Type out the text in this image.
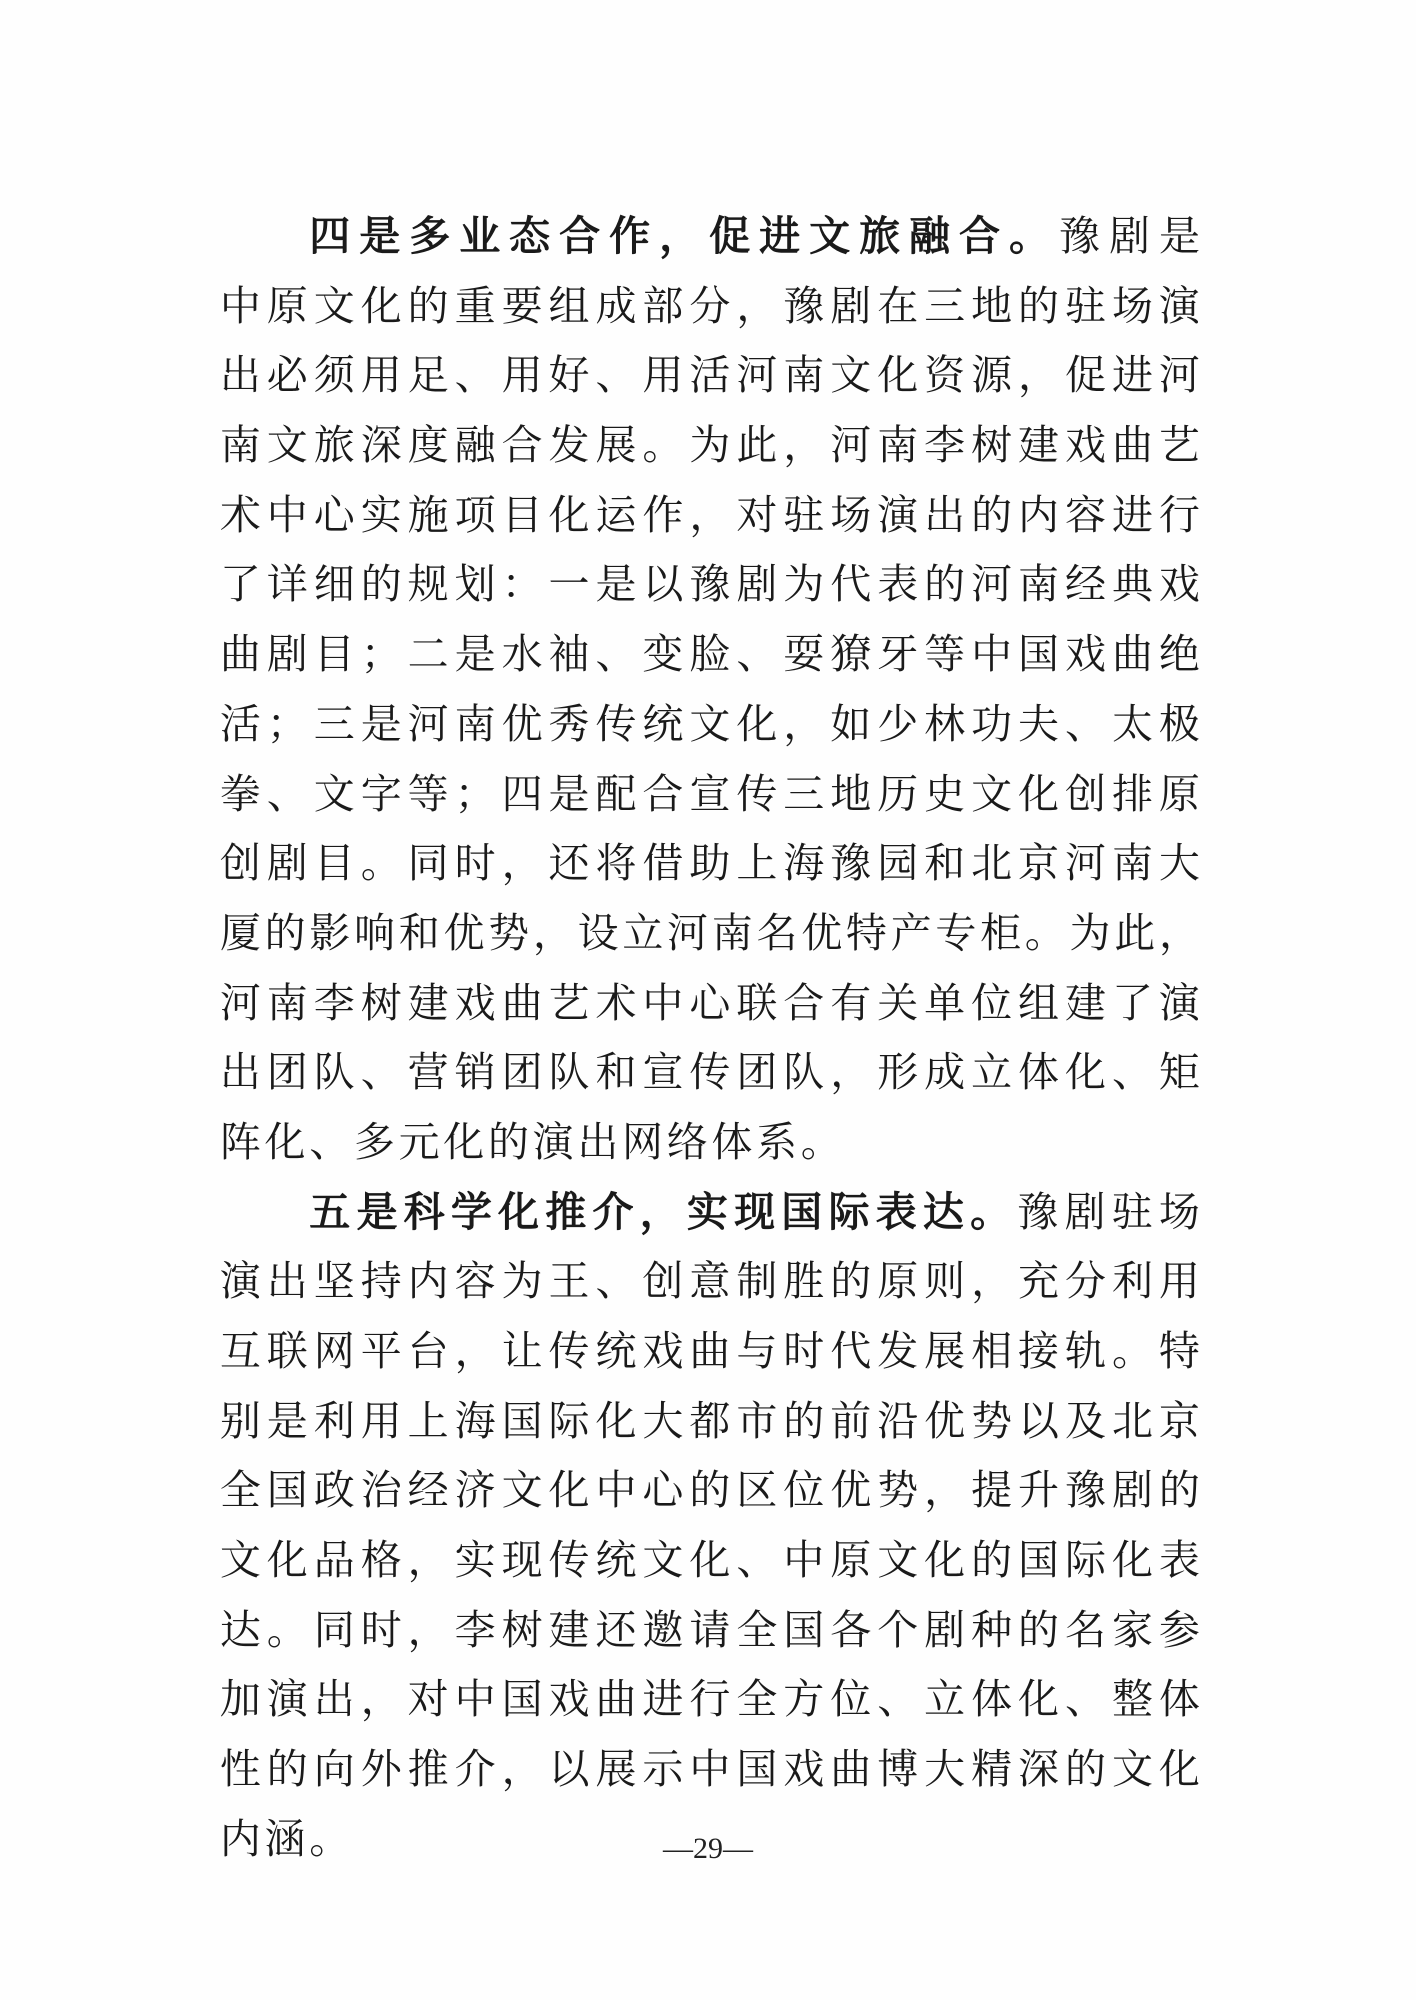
四 是 多 业 态 合 作 ， 促 进 文 旅 融 合 。 豫 剧 是
中 原 文 化 的 重 要 组 成 部 分 ， 豫 剧 在 三 地 的 驻 场 演
出 必 须 用 足 、 用 好 、 用 活 河 南 文 化 资 源 ， 促 进 河
南 文 旅 深 度 融 合 发 展 。 为 此 ， 河 南 李 树 建 戏 曲 艺
术 中 心 实 施 项 目 化 运 作 ， 对 驻 场 演 出 的 内 容 进 行
了 详 细 的 规 划 ： 一 是 以 豫 剧 为 代 表 的 河 南 经 典 戏
曲 剧 目 ； 二 是 水 袖 、 变 脸 、 耍 獠 牙 等 中 国 戏 曲 绝
活 ； 三 是 河 南 优 秀 传 统 文 化 ， 如 少 林 功 夫 、 太 极
拳 、 文 字 等 ； 四 是 配 合 宣 传 三 地 历 史 文 化 创 排 原
创 剧 目 。 同 时 ， 还 将 借 助 上 海 豫 园 和 北 京 河 南 大
厦 的 影 响 和 优 势 ， 设 立 河 南 名 优 特 产 专 柜 。 为 此 ，
河 南 李 树 建 戏 曲 艺 术 中 心 联 合 有 关 单 位 组 建 了 演
出 团 队 、 营 销 团 队 和 宣 传 团 队 ， 形 成 立 体 化 、 矩
阵 化 、 多 元 化 的 演 出 网 络 体 系 。
五 是 科 学 化 推 介 ， 实 现 国 际 表 达 。 豫 剧 驻 场
演 出 坚 持 内 容 为 王 、 创 意 制 胜 的 原 则 ， 充 分 利 用
互 联 网 平 台 ， 让 传 统 戏 曲 与 时 代 发 展 相 接 轨 。 特
别 是 利 用 上 海 国 际 化 大 都 市 的 前 沿 优 势 以 及 北 京
全 国 政 治 经 济 文 化 中 心 的 区 位 优 势 ， 提 升 豫 剧 的
文 化 品 格 ， 实 现 传 统 文 化 、 中 原 文 化 的 国 际 化 表
达 。 同 时 ， 李 树 建 还 邀 请 全 国 各 个 剧 种 的 名 家 参
加 演 出 ， 对 中 国 戏 曲 进 行 全 方 位 、 立 体 化 、 整 体
性 的 向 外 推 介 ， 以 展 示 中 国 戏 曲 博 大 精 深 的 文 化
内 涵 。	—29—
